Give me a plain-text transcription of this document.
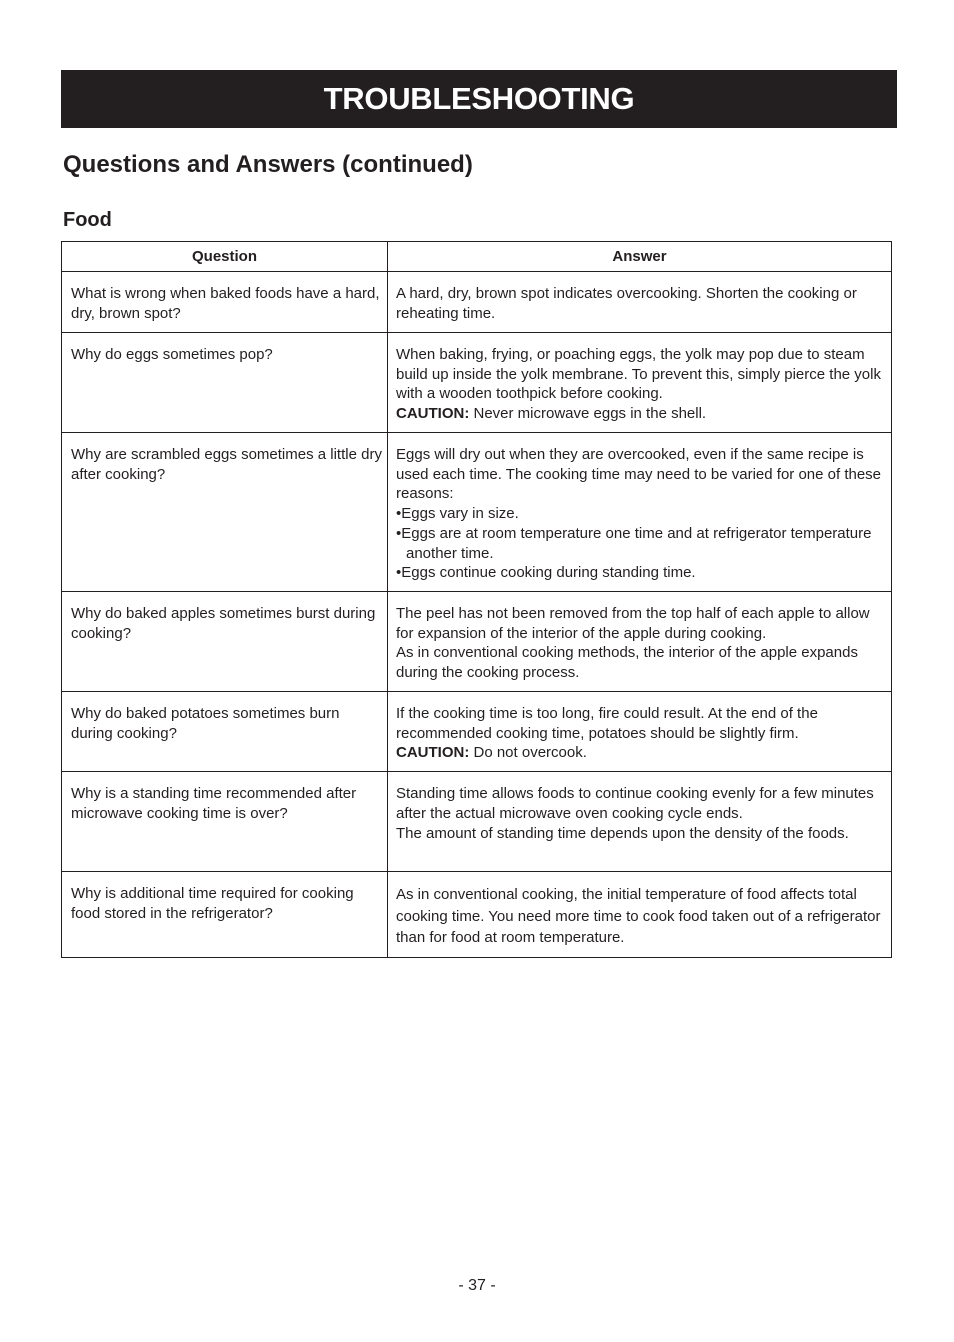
TROUBLESHOOTING
Questions and Answers (continued)
Food
Question	Answer
What is wrong when baked foods have a hard, dry, brown spot?	A hard, dry, brown spot indicates overcooking. Shorten the cooking or reheating time.
Why do eggs sometimes pop?	When baking, frying, or poaching eggs, the yolk may pop due to steam build up inside the yolk membrane. To prevent this, simply pierce the yolk with a wooden toothpick before cooking.
CAUTION: Never microwave eggs in the shell.
Why are scrambled eggs sometimes a little dry after cooking?	Eggs will dry out when they are overcooked, even if the same recipe is used each time. The cooking time may need to be varied for one of these reasons:
•Eggs vary in size.
•Eggs are at room temperature one time and at refrigerator temperature another time.
•Eggs continue cooking during standing time.

Why do baked apples sometimes burst during cooking?	The peel has not been removed from the top half of each apple to allow for expansion of the interior of the apple during cooking.
As in conventional cooking methods, the interior of the apple expands during the cooking process.
Why do baked potatoes sometimes burn during cooking?	If the cooking time is too long, fire could result. At the end of the recommended cooking time, potatoes should be slightly firm.
CAUTION: Do not overcook.
Why is a standing time recommended after microwave cooking time is over?	Standing time allows foods to continue cooking evenly for a few minutes after the actual microwave oven cooking cycle ends.
The amount of standing time depends upon the density of the foods.
Why is additional time required for cooking food stored in the refrigerator?	As in conventional cooking, the initial temperature of food affects total cooking time. You need more time to cook food taken out of a refrigerator than for food at room temperature.
- 37 -
